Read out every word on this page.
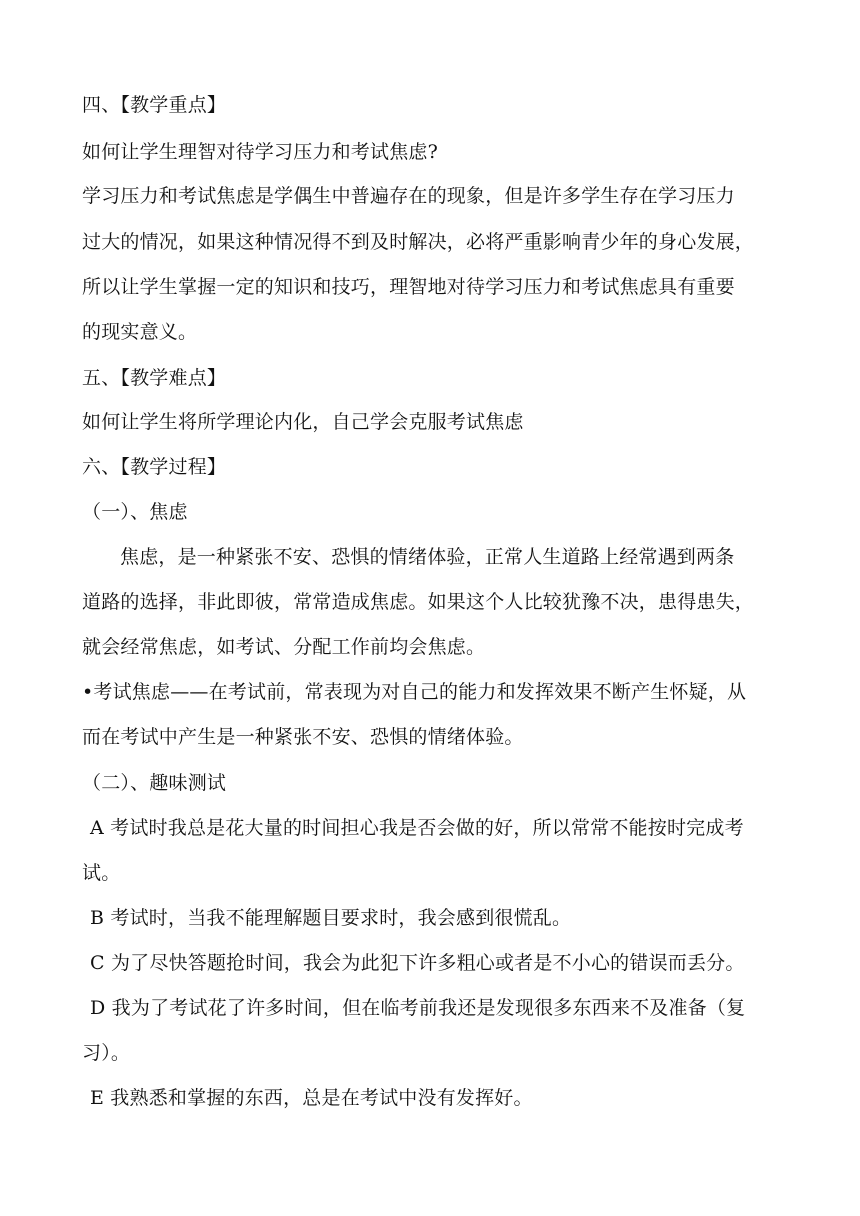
四、【教学重点】
如何让学生理智对待学习压力和考试焦虑?
学习压力和考试焦虑是学偶生中普遍存在的现象，但是许多学生存在学习压力
过大的情况，如果这种情况得不到及时解决，必将严重影响青少年的身心发展，
所以让学生掌握一定的知识和技巧，理智地对待学习压力和考试焦虑具有重要
的现实意义。
五、【教学难点】
如何让学生将所学理论内化，自己学会克服考试焦虑
六、【教学过程】
（一）、焦虑
焦虑，是一种紧张不安、恐惧的情绪体验，正常人生道路上经常遇到两条
道路的选择，非此即彼，常常造成焦虑。如果这个人比较犹豫不决，患得患失，
就会经常焦虑，如考试、分配工作前均会焦虑。
•考试焦虑——在考试前，常表现为对自己的能力和发挥效果不断产生怀疑，从
而在考试中产生是一种紧张不安、恐惧的情绪体验。
（二）、趣味测试
A 考试时我总是花大量的时间担心我是否会做的好，所以常常不能按时完成考
试。
B 考试时，当我不能理解题目要求时，我会感到很慌乱。
C 为了尽快答题抢时间，我会为此犯下许多粗心或者是不小心的错误而丢分。
D 我为了考试花了许多时间，但在临考前我还是发现很多东西来不及准备（复
习）。
E 我熟悉和掌握的东西，总是在考试中没有发挥好。
